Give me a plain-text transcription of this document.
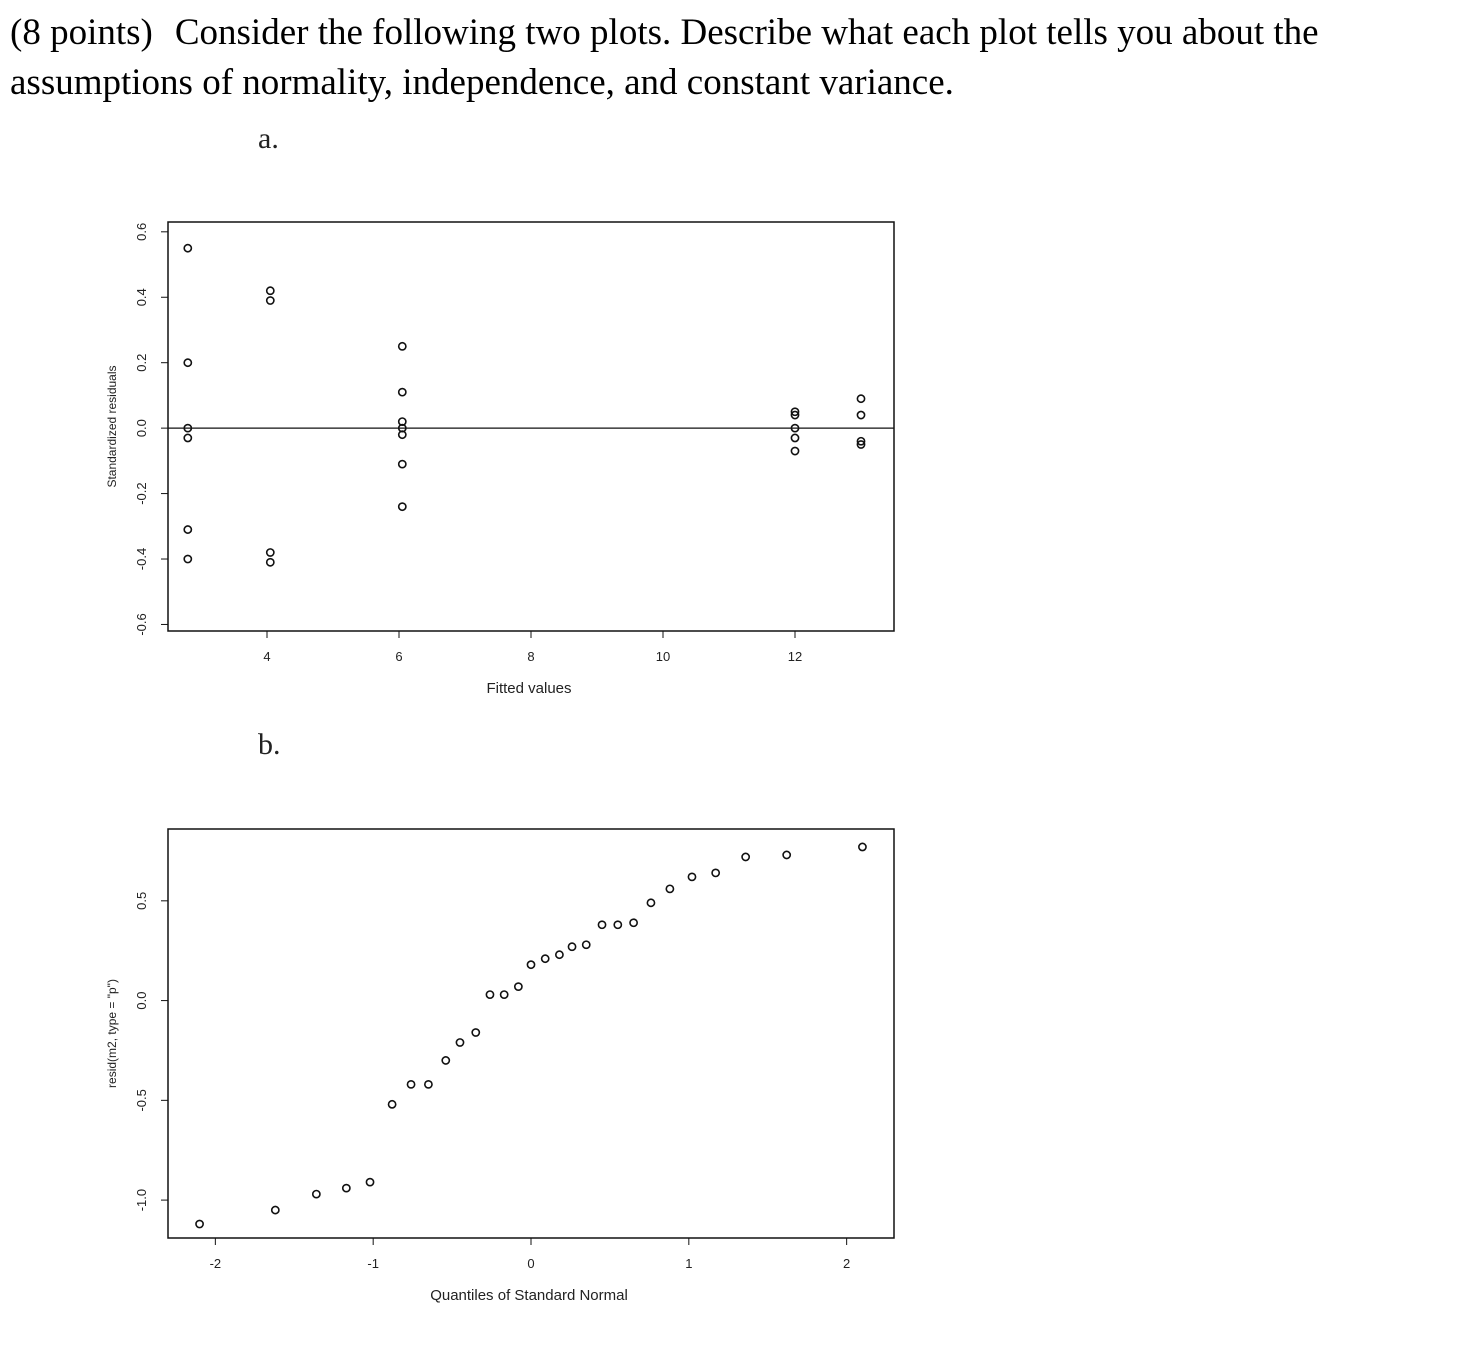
(8 points) Consider the following two plots. Describe what each plot tells you about the
assumptions of normality, independence, and constant variance.
a.
b.
4	6	8	10	12
-0.6
-0.4
-0.2
0.0
0.2
0.4
0.6
Fitted values
Standardized residuals
-2	-1	0	1	2
-1.0
-0.5
0.0
0.5
Quantiles of Standard Normal
resid(m2, type = "p")
